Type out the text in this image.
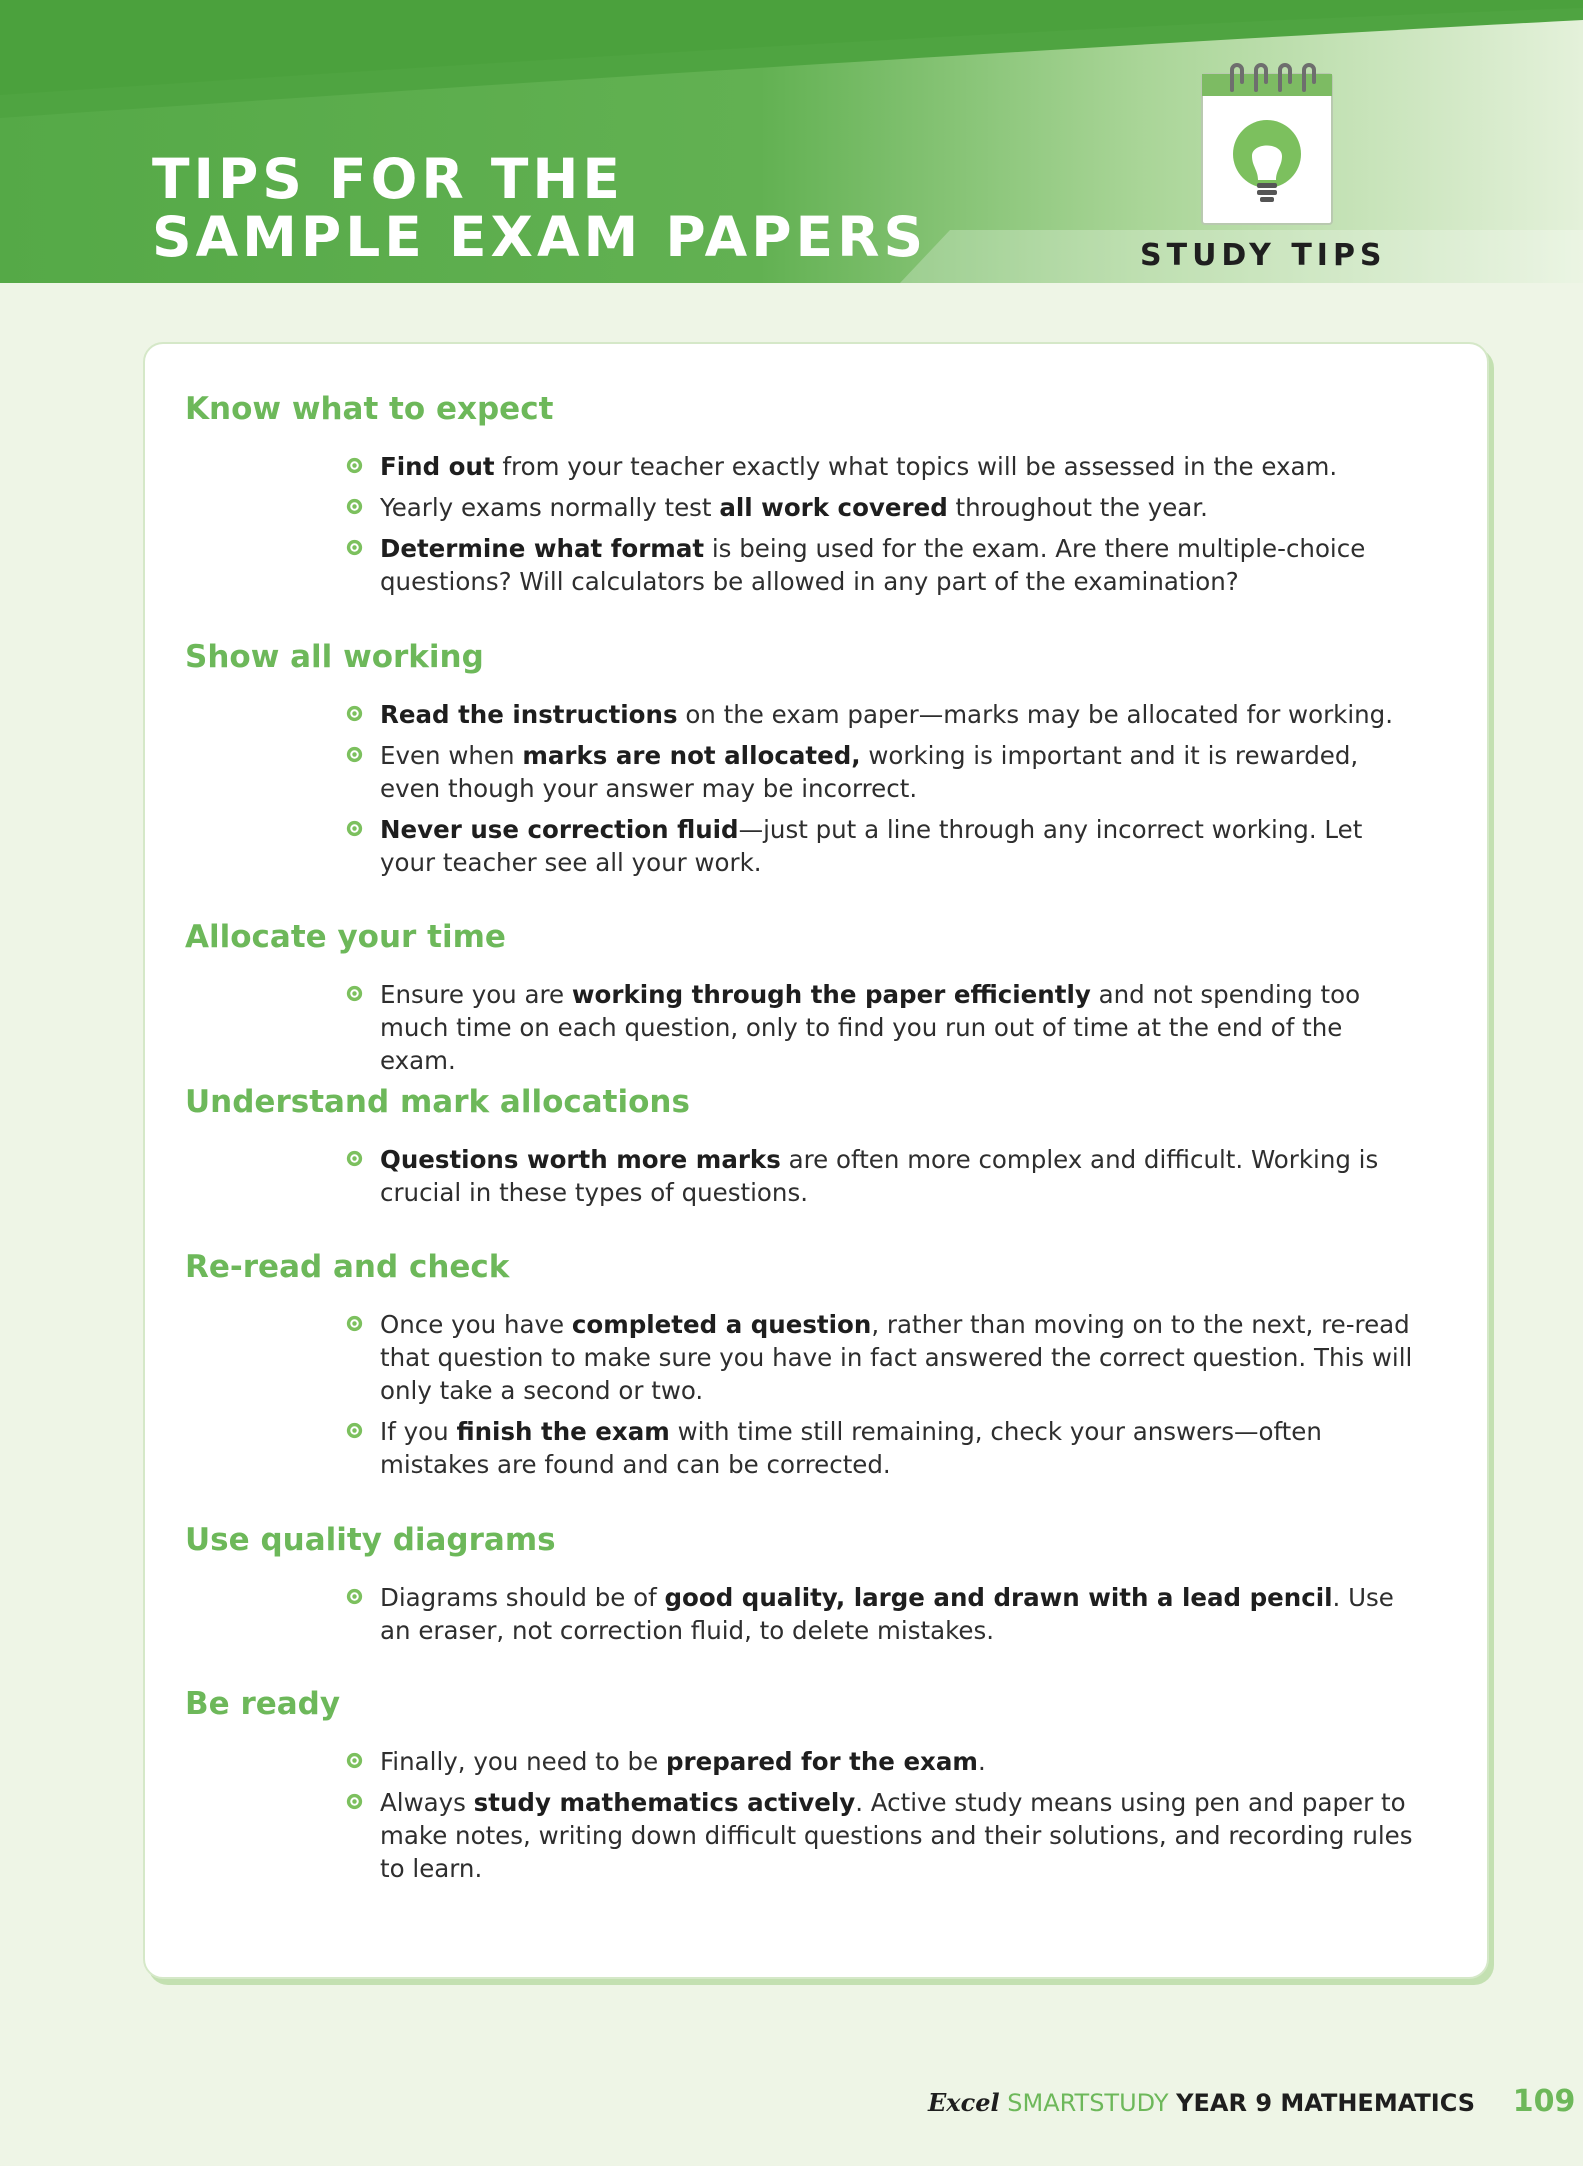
TIPS FOR THE
SAMPLE EXAM PAPERS	STUDY TIPS
Know what to expect
Find out from your teacher exactly what topics will be assessed in the exam.
Yearly exams normally test all work covered throughout the year.
Determine what format is being used for the exam. Are there multiple-choice questions? Will calculators be allowed in any part of the examination?
Show all working
Read the instructions on the exam paper—marks may be allocated for working.
Even when marks are not allocated, working is important and it is rewarded, even though your answer may be incorrect.
Never use correction fluid—just put a line through any incorrect working. Let your teacher see all your work.
Allocate your time
Ensure you are working through the paper efficiently and not spending too much time on each question, only to find you run out of time at the end of the exam.
Understand mark allocations
Questions worth more marks are often more complex and difficult. Working is crucial in these types of questions.
Re-read and check
Once you have completed a question, rather than moving on to the next, re-read that question to make sure you have in fact answered the correct question. This will only take a second or two.
If you finish the exam with time still remaining, check your answers—often mistakes are found and can be corrected.
Use quality diagrams
Diagrams should be of good quality, large and drawn with a lead pencil. Use an eraser, not correction fluid, to delete mistakes.
Be ready
Finally, you need to be prepared for the exam.
Always study mathematics actively. Active study means using pen and paper to make notes, writing down difficult questions and their solutions, and recording rules to learn.
Excel SMARTSTUDY YEAR 9 MATHEMATICS 109
